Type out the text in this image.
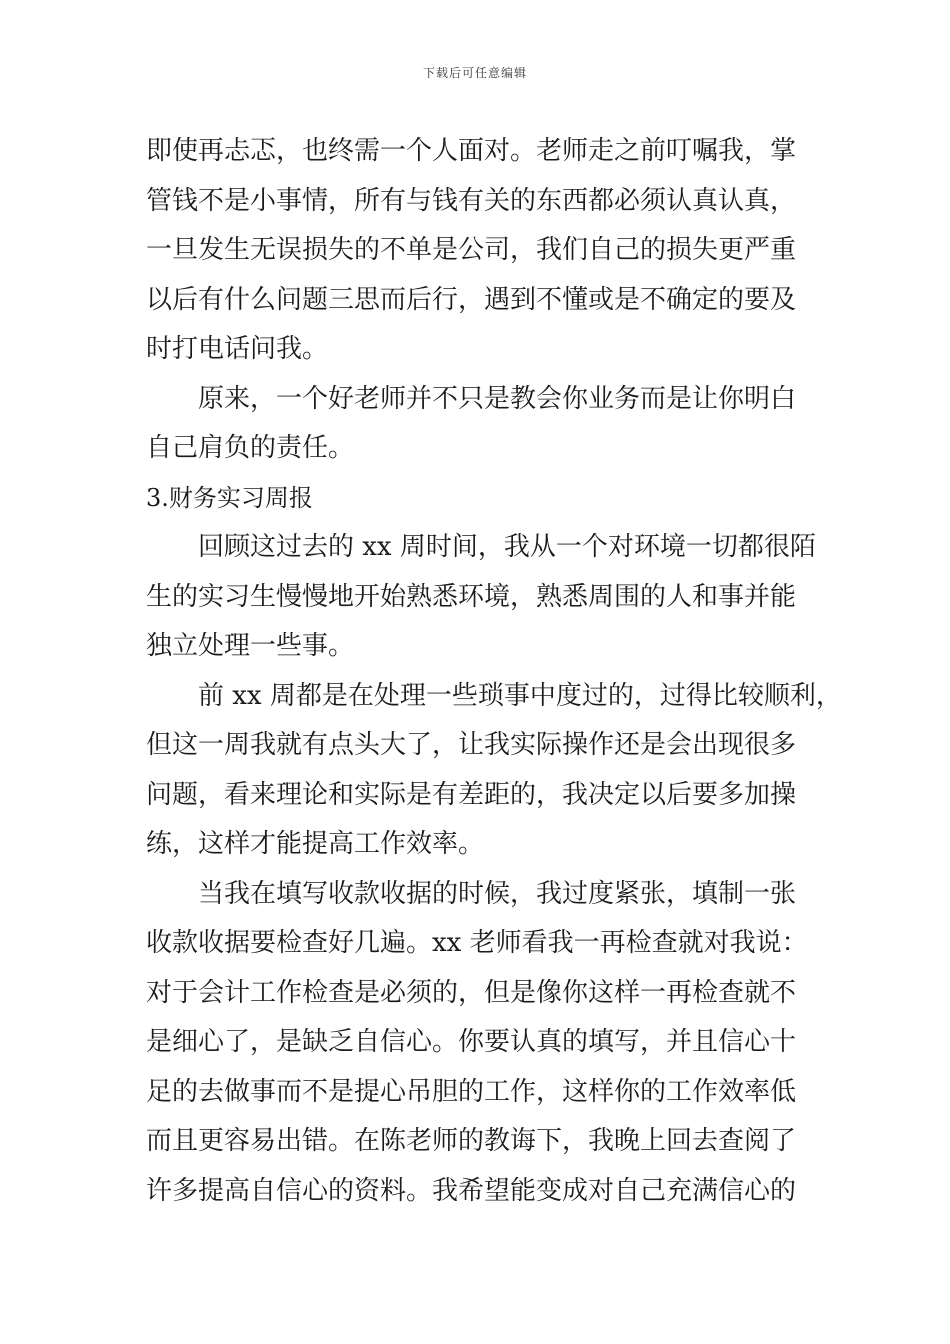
下载后可任意编辑
即使再忐忑，也终需一个人面对。老师走之前叮嘱我，掌
管钱不是小事情，所有与钱有关的东西都必须认真认真，
一旦发生无误损失的不单是公司，我们自己的损失更严重
以后有什么问题三思而后行，遇到不懂或是不确定的要及
时打电话问我。
原来，一个好老师并不只是教会你业务而是让你明白
自己肩负的责任。
3.财务实习周报
回顾这过去的 xx 周时间，我从一个对环境一切都很陌
生的实习生慢慢地开始熟悉环境，熟悉周围的人和事并能
独立处理一些事。
前 xx 周都是在处理一些琐事中度过的，过得比较顺利，
但这一周我就有点头大了，让我实际操作还是会出现很多
问题，看来理论和实际是有差距的，我决定以后要多加操
练，这样才能提高工作效率。
当我在填写收款收据的时候，我过度紧张，填制一张
收款收据要检查好几遍。xx 老师看我一再检查就对我说：
对于会计工作检查是必须的，但是像你这样一再检查就不
是细心了，是缺乏自信心。你要认真的填写，并且信心十
足的去做事而不是提心吊胆的工作，这样你的工作效率低
而且更容易出错。在陈老师的教诲下，我晚上回去查阅了
许多提高自信心的资料。我希望能变成对自己充满信心的
